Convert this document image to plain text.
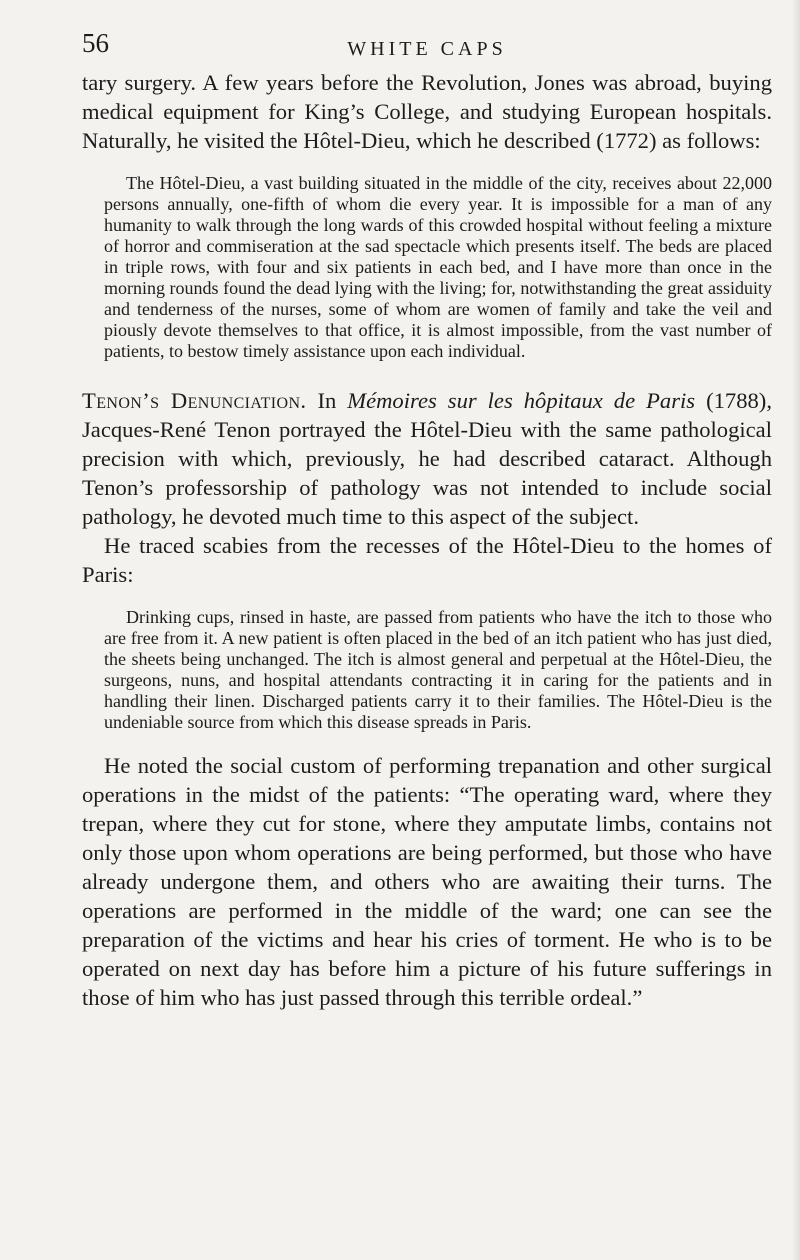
56	WHITE CAPS

tary surgery. A few years before the Revolution, Jones was abroad, buying medical equipment for King’s College, and studying European hospitals. Naturally, he visited the Hôtel-Dieu, which he described (1772) as follows:

The Hôtel-Dieu, a vast building situated in the middle of the city, receives about 22,000 persons annually, one-fifth of whom die every year. It is impossible for a man of any humanity to walk through the long wards of this crowded hospital without feeling a mixture of horror and commiseration at the sad spectacle which presents itself. The beds are placed in triple rows, with four and six patients in each bed, and I have more than once in the morning rounds found the dead lying with the living; for, notwithstanding the great assiduity and tenderness of the nurses, some of whom are women of family and take the veil and piously devote themselves to that office, it is almost impossible, from the vast number of patients, to bestow timely assistance upon each individual.

Tenon’s Denunciation. In Mémoires sur les hôpitaux de Paris (1788), Jacques-René Tenon portrayed the Hôtel-Dieu with the same pathological precision with which, previously, he had described cataract. Although Tenon’s professorship of pathology was not intended to include social pathology, he devoted much time to this aspect of the subject.

He traced scabies from the recesses of the Hôtel-Dieu to the homes of Paris:

Drinking cups, rinsed in haste, are passed from patients who have the itch to those who are free from it. A new patient is often placed in the bed of an itch patient who has just died, the sheets being unchanged. The itch is almost general and perpetual at the Hôtel-Dieu, the surgeons, nuns, and hospital attendants contracting it in caring for the patients and in handling their linen. Discharged patients carry it to their families. The Hôtel-Dieu is the undeniable source from which this disease spreads in Paris.

He noted the social custom of performing trepanation and other surgical operations in the midst of the patients: “The operating ward, where they trepan, where they cut for stone, where they amputate limbs, contains not only those upon whom operations are being performed, but those who have already undergone them, and others who are awaiting their turns. The operations are performed in the middle of the ward; one can see the preparation of the victims and hear his cries of torment. He who is to be operated on next day has before him a picture of his future sufferings in those of him who has just passed through this terrible ordeal.”
